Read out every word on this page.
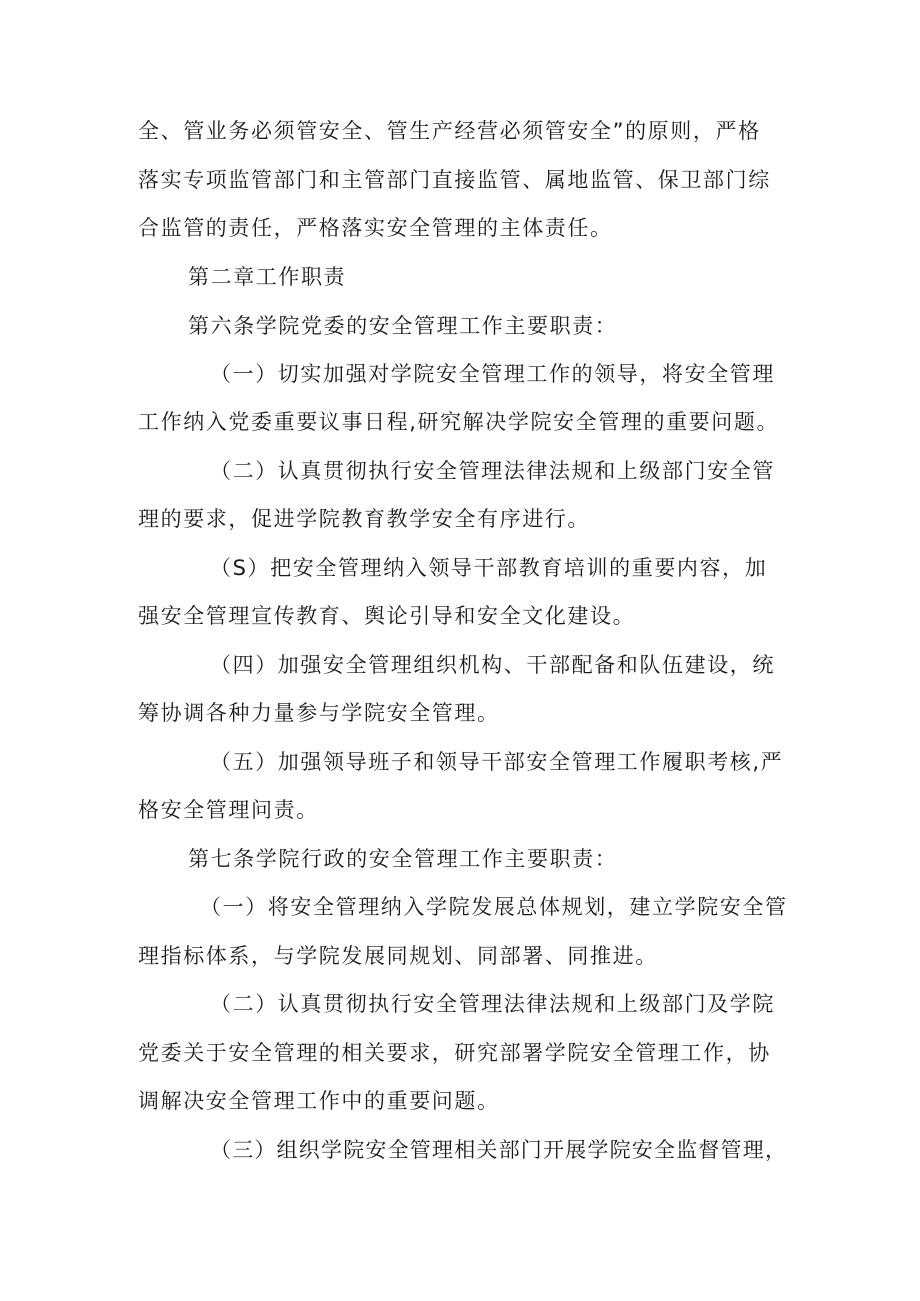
全、管业务必须管安全、管生产经营必须管安全”的原则，严格

落实专项监管部门和主管部门直接监管、属地监管、保卫部门综

合监管的责任，严格落实安全管理的主体责任。

第二章工作职责

第六条学院党委的安全管理工作主要职责：

（一）切实加强对学院安全管理工作的领导，将安全管理

工作纳入党委重要议事日程,研究解决学院安全管理的重要问题。

（二）认真贯彻执行安全管理法律法规和上级部门安全管

理的要求，促进学院教育教学安全有序进行。

（S）把安全管理纳入领导干部教育培训的重要内容，加

强安全管理宣传教育、舆论引导和安全文化建设。

（四）加强安全管理组织机构、干部配备和队伍建设，统

筹协调各种力量参与学院安全管理。

（五）加强领导班子和领导干部安全管理工作履职考核,严

格安全管理问责。

第七条学院行政的安全管理工作主要职责：

（一）将安全管理纳入学院发展总体规划，建立学院安全管

理指标体系，与学院发展同规划、同部署、同推进。

（二）认真贯彻执行安全管理法律法规和上级部门及学院

党委关于安全管理的相关要求，研究部署学院安全管理工作，协

调解决安全管理工作中的重要问题。

（三）组织学院安全管理相关部门开展学院安全监督管理，
